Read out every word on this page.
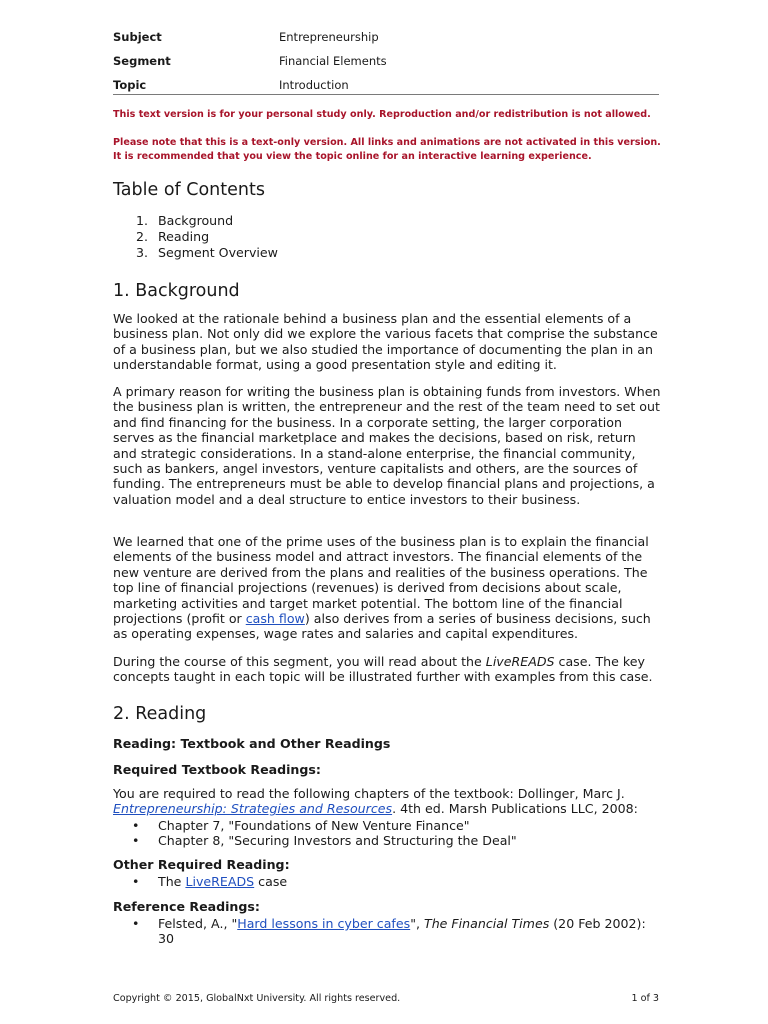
Subject	Entrepreneurship
Segment	Financial Elements
Topic	Introduction
This text version is for your personal study only. Reproduction and/or redistribution is not allowed.
Please note that this is a text-only version. All links and animations are not activated in this version.
It is recommended that you view the topic online for an interactive learning experience.
Table of Contents
1. Background
2. Reading
3. Segment Overview
1. Background

We looked at the rationale behind a business plan and the essential elements of a business plan. Not only did we explore the various facets that comprise the substance of a business plan, but we also studied the importance of documenting the plan in an understandable format, using a good presentation style and editing it.

A primary reason for writing the business plan is obtaining funds from investors. When the business plan is written, the entrepreneur and the rest of the team need to set out and find financing for the business. In a corporate setting, the larger corporation serves as the financial marketplace and makes the decisions, based on risk, return and strategic considerations. In a stand-alone enterprise, the financial community, such as bankers, angel investors, venture capitalists and others, are the sources of funding. The entrepreneurs must be able to develop financial plans and projections, a valuation model and a deal structure to entice investors to their business.

We learned that one of the prime uses of the business plan is to explain the financial elements of the business model and attract investors. The financial elements of the new venture are derived from the plans and realities of the business operations. The top line of financial projections (revenues) is derived from decisions about scale, marketing activities and target market potential. The bottom line of the financial projections (profit or cash flow) also derives from a series of business decisions, such as operating expenses, wage rates and salaries and capital expenditures.

During the course of this segment, you will read about the LiveREADS case. The key concepts taught in each topic will be illustrated further with examples from this case.

2. Reading

Reading: Textbook and Other Readings

Required Textbook Readings:

You are required to read the following chapters of the textbook: Dollinger, Marc J. Entrepreneurship: Strategies and Resources. 4th ed. Marsh Publications LLC, 2008:

•	Chapter 7, "Foundations of New Venture Finance"
•	Chapter 8, "Securing Investors and Structuring the Deal"

Other Required Reading:

•	The LiveREADS case

Reference Readings:

•	Felsted, A., "Hard lessons in cyber cafes", The Financial Times (20 Feb 2002): 30
Copyright © 2015, GlobalNxt University. All rights reserved.	1 of 3
